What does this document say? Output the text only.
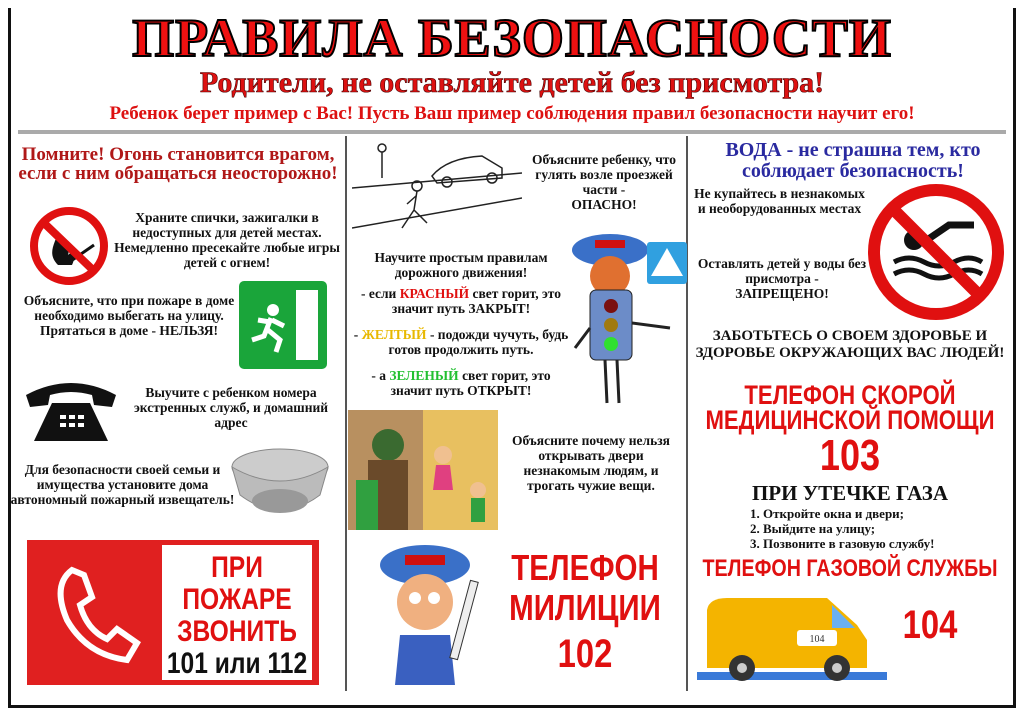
ПРАВИЛА БЕЗОПАСНОСТИ
Родители, не оставляйте детей без присмотра!
Ребенок берет пример с Вас! Пусть Ваш пример соблюдения правил безопасности научит его!
Помните! Огонь становится врагом, если с ним обращаться неосторожно!
Храните спички, зажигалки в недоступных для детей местах. Немедленно пресекайте любые игры детей с огнем!
Объясните, что при пожаре в доме необходимо выбегать на улицу.
Прятаться в доме - НЕЛЬЗЯ!
Выучите с ребенком номера экстренных служб, и домашний адрес
Для безопасности своей семьи и имущества установите дома автономный пожарный извещатель!
ПРИ
ПОЖАРЕ
ЗВОНИТЬ
101 или 112
Объясните ребенку, что гулять возле проезжей части -
ОПАСНО!
Научите простым правилам дорожного движения!
- если КРАСНЫЙ свет горит, это значит путь ЗАКРЫТ!
- ЖЕЛТЫЙ - подожди чучуть, будь готов продолжить путь.
- а ЗЕЛЕНЫЙ свет горит, это значит путь ОТКРЫТ!
Объясните почему нельзя открывать двери незнакомым людям, и трогать чужие вещи.
ТЕЛЕФОН МИЛИЦИИ
102
ВОДА - не страшна тем, кто соблюдает безопасность!
Не купайтесь в незнакомых и необорудованных местах
Оставлять детей у воды без присмотра -
ЗАПРЕЩЕНО!
ЗАБОТЬТЕСЬ О СВОЕМ ЗДОРОВЬЕ И ЗДОРОВЬЕ ОКРУЖАЮЩИХ ВАС ЛЮДЕЙ!
ТЕЛЕФОН СКОРОЙ МЕДИЦИНСКОЙ ПОМОЩИ
103
ПРИ УТЕЧКЕ ГАЗА
1. Откройте окна и двери;
2. Выйдите на улицу;
3. Позвоните в газовую службу!
ТЕЛЕФОН ГАЗОВОЙ СЛУЖБЫ
104	104
